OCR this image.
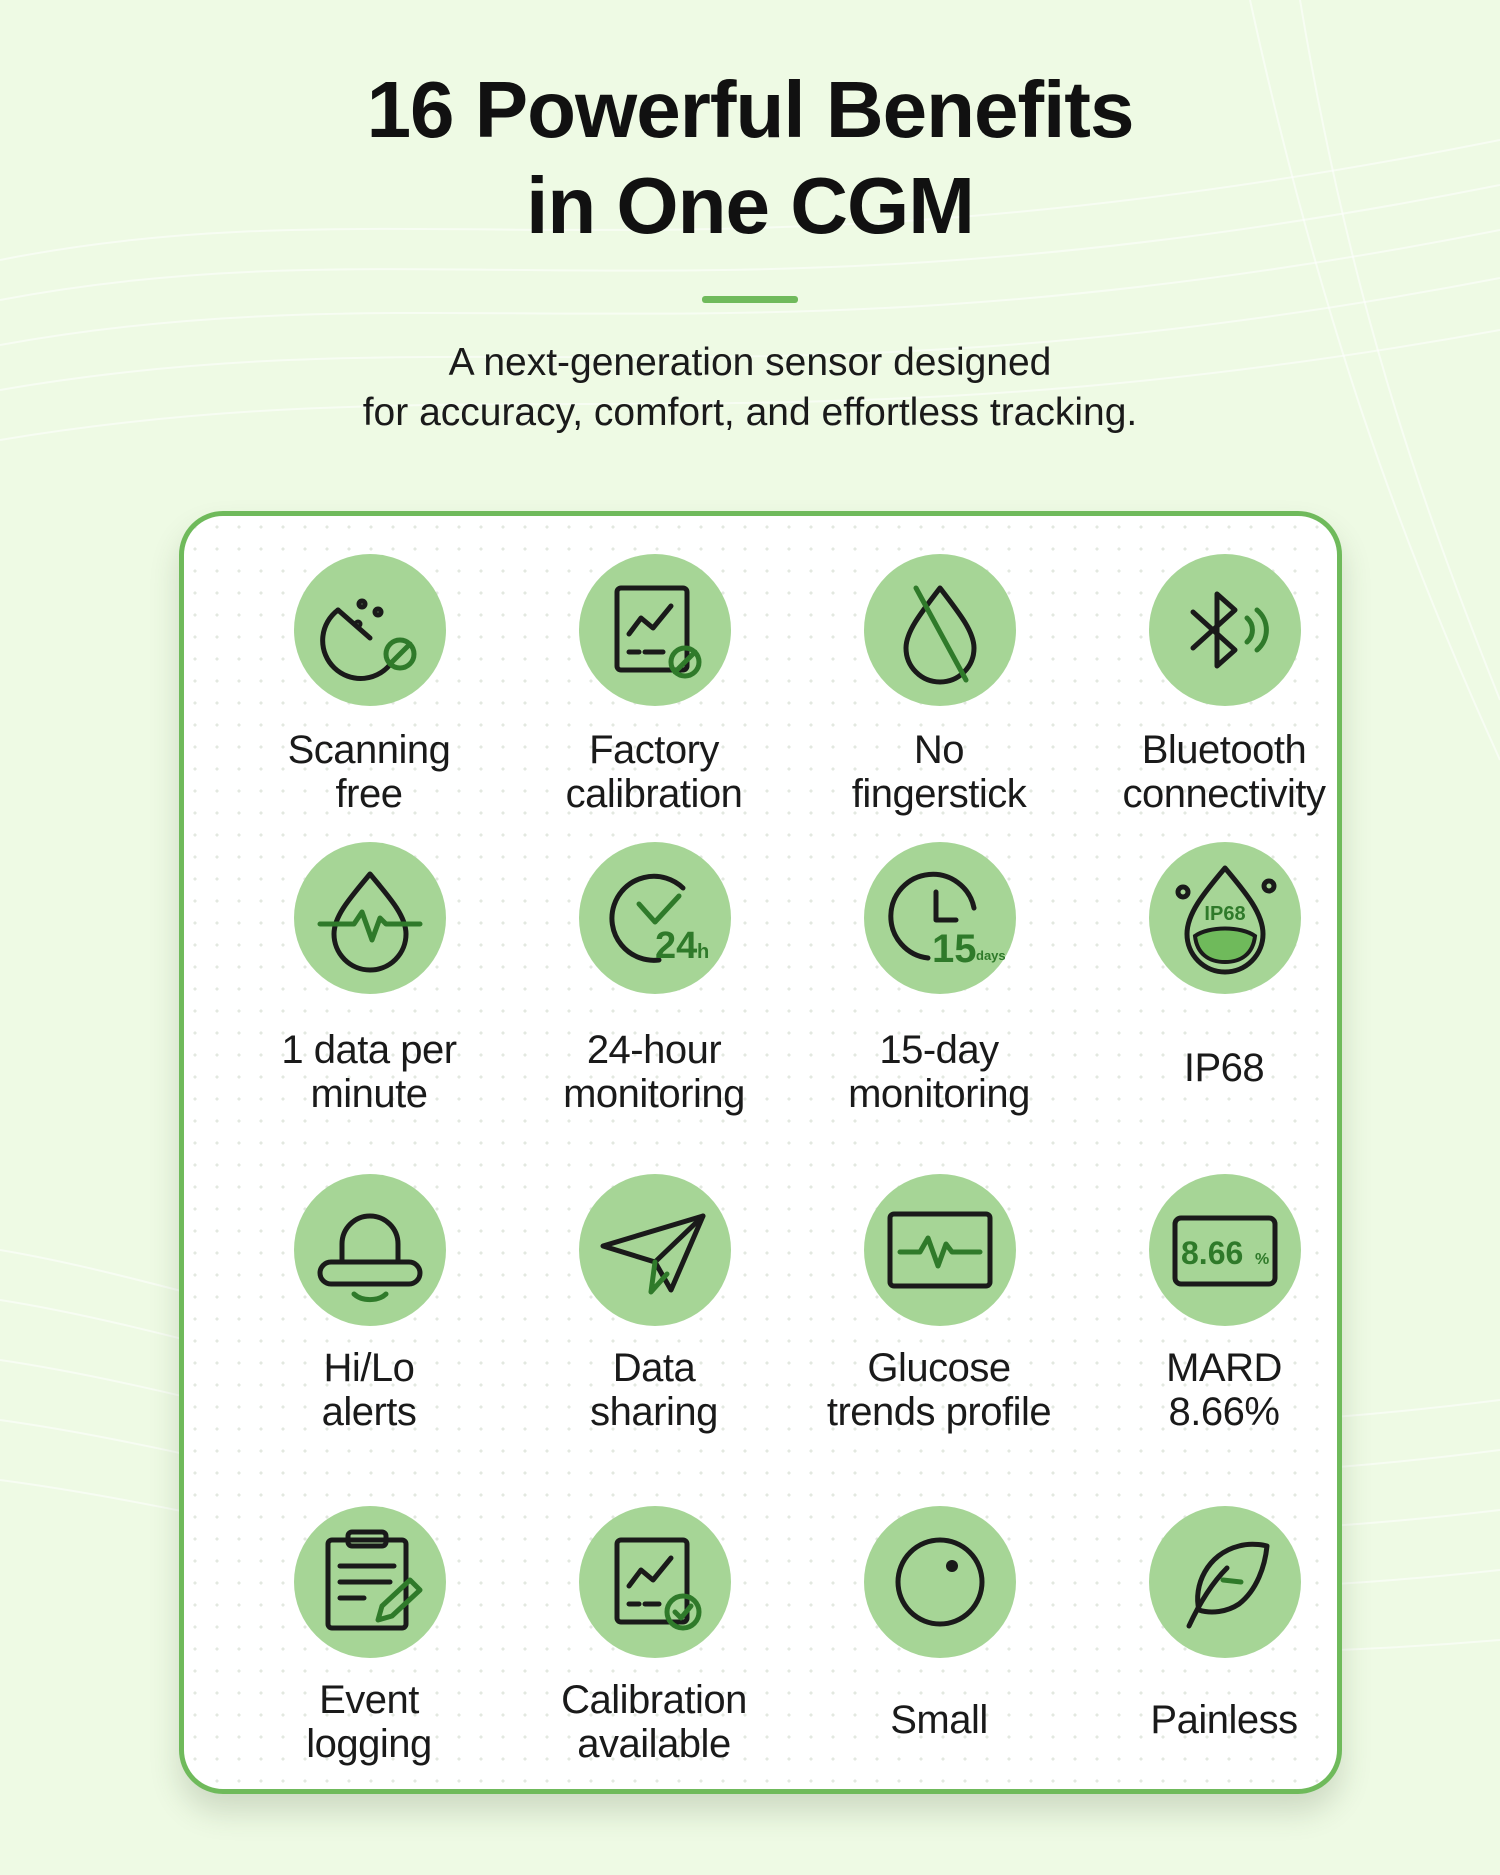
16 Powerful Benefits
in One CGM
A next-generation sensor designed
for accuracy, comfort, and effortless tracking.
Scanning
free
Factory
calibration
No
fingerstick
Bluetooth
connectivity
1 data per
minute
24 h
24-hour
monitoring
15 days
15-day
monitoring
IP68
IP68
Hi/Lo
alerts
Data
sharing
Glucose
trends profile
8.66 %
MARD
8.66%
Event
logging
Calibration
available
Small	Painless
